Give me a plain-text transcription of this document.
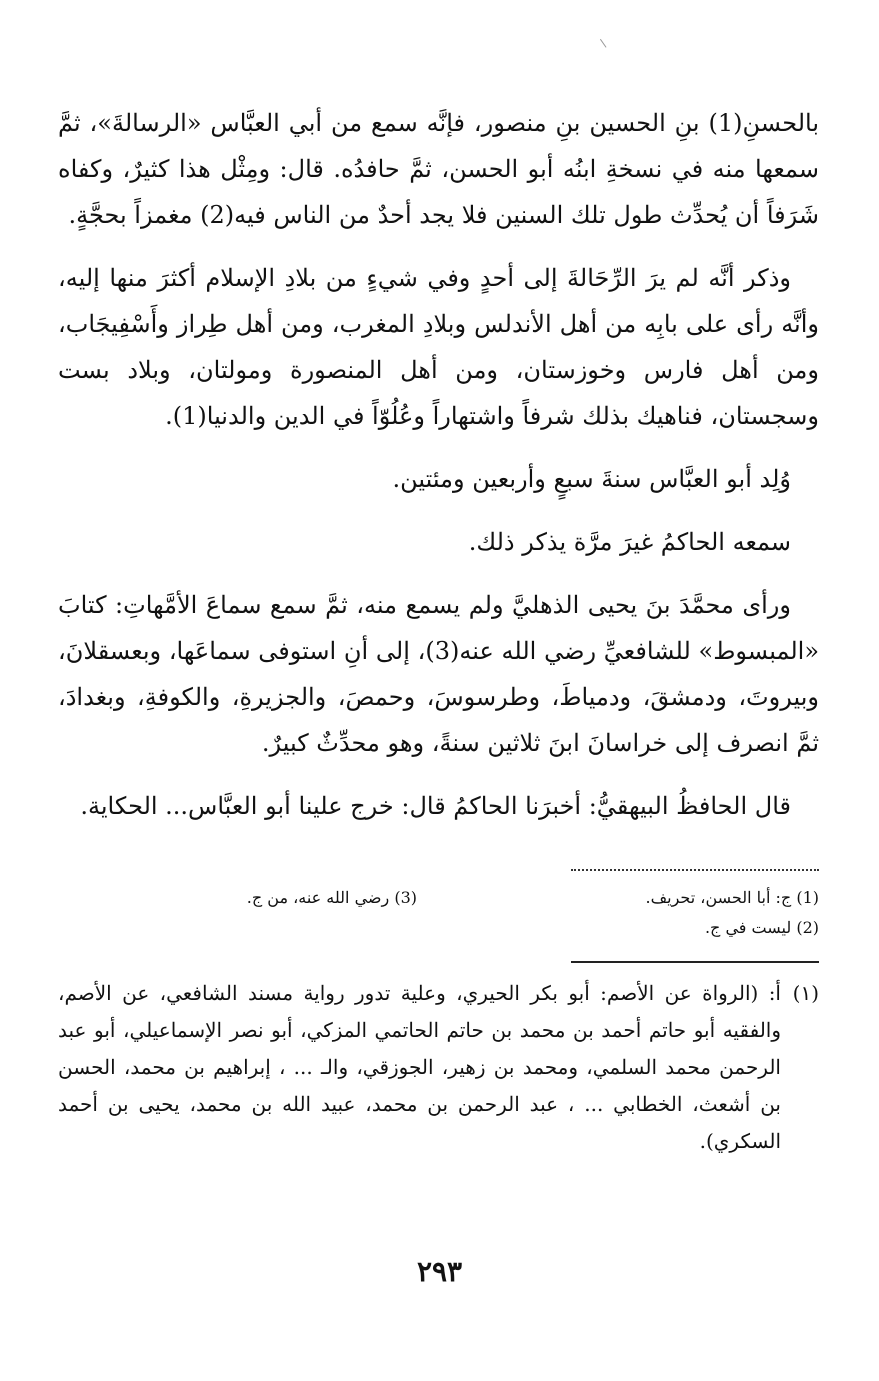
بالحسنِ(1) بنِ الحسين بنِ منصور، فإنَّه سمع من أبي العبَّاس «الرسالةَ»، ثمَّ سمعها منه في نسخةِ ابنُه أبو الحسن، ثمَّ حافدُه. قال: ومِثْل هذا كثيرٌ، وكفاه شَرَفاً أن يُحدِّث طول تلك السنين فلا يجد أحدٌ من الناس فيه(2) مغمزاً بحجَّةٍ.

وذكر أنَّه لم يرَ الرِّحَالةَ إلى أحدٍ وفي شيءٍ من بلادِ الإسلام أكثرَ منها إليه، وأنَّه رأى على بابِه من أهل الأندلس وبلادِ المغرب، ومن أهل طِراز وأَسْفِيجَاب، ومن أهل فارس وخوزستان، ومن أهل المنصورة ومولتان، وبلاد بست وسجستان، فناهيك بذلك شرفاً واشتهاراً وعُلُوّاً في الدين والدنيا(1).

وُلِد أبو العبَّاس سنةَ سبعٍ وأربعين ومئتين.

سمعه الحاكمُ غيرَ مرَّة يذكر ذلك.

ورأى محمَّدَ بنَ يحيى الذهليَّ ولم يسمع منه، ثمَّ سمع سماعَ الأمَّهاتِ: كتابَ «المبسوط» للشافعيِّ رضي الله عنه(3)، إلى أنِ استوفى سماعَها، وبعسقلانَ، وبيروتَ، ودمشقَ، ودمياطَ، وطرسوسَ، وحمصَ، والجزيرةِ، والكوفةِ، وبغدادَ، ثمَّ انصرف إلى خراسانَ ابنَ ثلاثين سنةً، وهو محدِّثٌ كبيرٌ.

قال الحافظُ البيهقيُّ: أخبرَنا الحاكمُ قال: خرج علينا أبو العبَّاس... الحكاية.

(1) ج: أبا الحسن، تحريف.
(3) رضي الله عنه، من ج.
(2) ليست في ج.
(١)
أ: (الرواة عن الأصم: أبو بكر الحيري، وعلية تدور رواية مسند الشافعي، عن الأصم، والفقيه أبو حاتم أحمد بن محمد بن حاتم الحاتمي المزكي، أبو نصر الإسماعيلي، أبو عبد الرحمن محمد السلمي، ومحمد بن زهير، الجوزقي، والـ ... ، إبراهيم بن محمد، الحسن بن أشعث، الخطابي ... ، عبد الرحمن بن محمد، عبيد الله بن محمد، يحيى بن أحمد السكري).
٢٩٣
